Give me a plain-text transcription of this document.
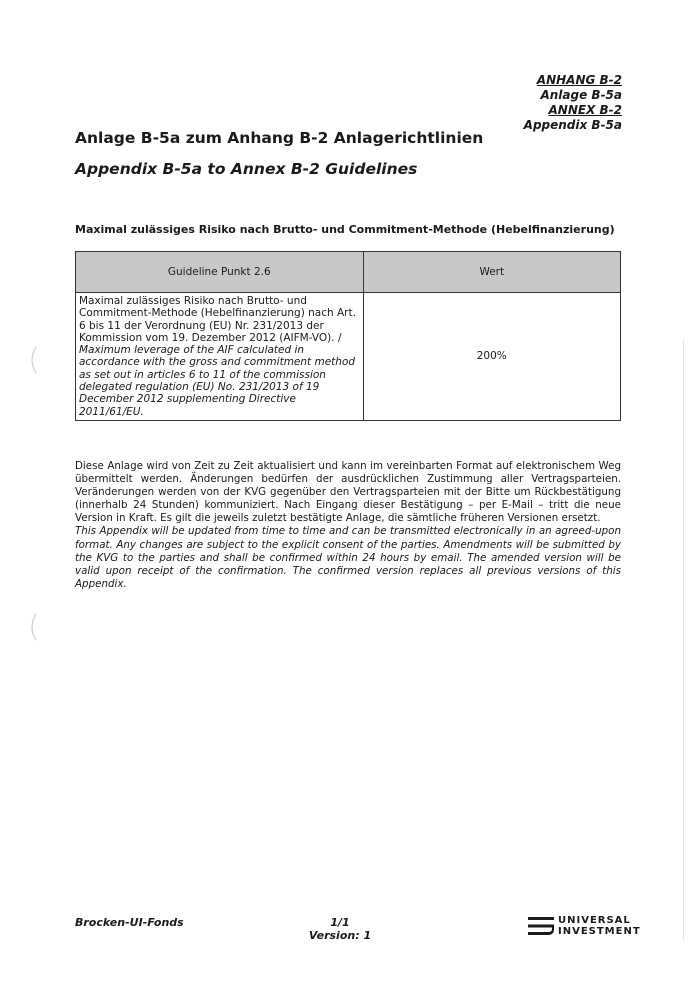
ANHANG B-2
Anlage B-5a
ANNEX B-2
Appendix B-5a
Anlage B-5a zum Anhang B-2 Anlagerichtlinien
Appendix B-5a to Annex B-2 Guidelines
Maximal zulässiges Risiko nach Brutto- und Commitment-Methode (Hebelfinanzierung)
Guideline Punkt 2.6	Wert

Maximal zulässiges Risiko nach Brutto- und Commitment-Methode (Hebelfinanzierung) nach Art. 6 bis 11 der Verordnung (EU) Nr. 231/2013 der Kommission vom 19. Dezember 2012 (AIFM-VO). /
Maximum leverage of the AIF calculated in accordance with the gross and commitment method as set out in articles 6 to 11 of the commission delegated regulation (EU) No. 231/2013 of 19 December 2012 supplementing Directive 2011/61/EU.	200%

Diese Anlage wird von Zeit zu Zeit aktualisiert und kann im vereinbarten Format auf elektronischem Weg übermittelt werden. Änderungen bedürfen der ausdrücklichen Zustimmung aller Vertragsparteien. Veränderungen werden von der KVG gegenüber den Vertragsparteien mit der Bitte um Rückbestätigung (innerhalb 24 Stunden) kommuniziert. Nach Eingang dieser Bestätigung – per E-Mail – tritt die neue Version in Kraft. Es gilt die jeweils zuletzt bestätigte Anlage, die sämtliche früheren Versionen ersetzt.

This Appendix will be updated from time to time and can be transmitted electronically in an agreed-upon format. Any changes are subject to the explicit consent of the parties. Amendments will be submitted by the KVG to the parties and shall be confirmed within 24 hours by email. The amended version will be valid upon receipt of the confirmation. The confirmed version replaces all previous versions of this Appendix.

Brocken-UI-Fonds	1/1
Version: 1
UNIVERSAL
INVESTMENT
